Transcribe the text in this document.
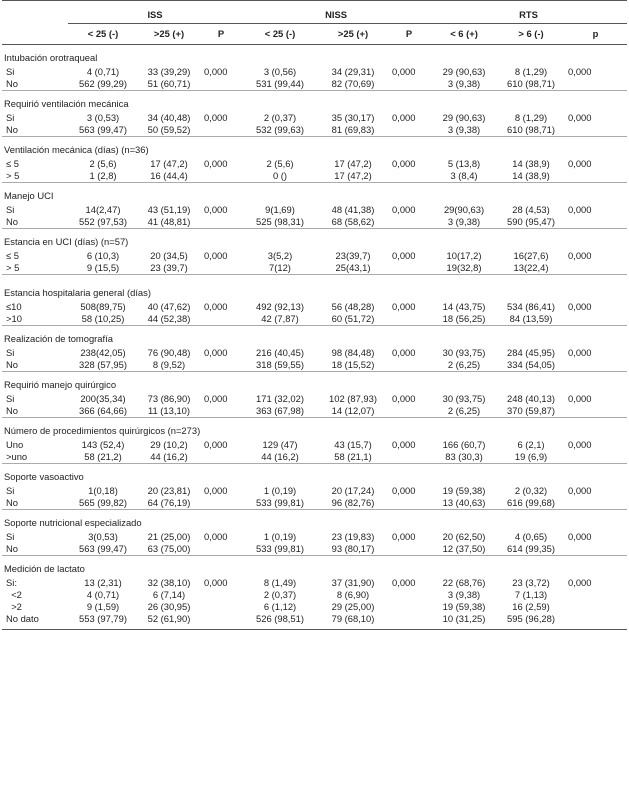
	ISS			NISS			RTS		
	< 25 (-)	>25 (+)	P	< 25 (-)	>25 (+)	P	< 6 (+)	> 6 (-)	p
Intubación orotraqueal									
Si	4 (0,71)	33 (39,29)	0,000	3 (0,56)	34 (29,31)	0,000	29 (90,63)	8 (1,29)	0,000
No	562 (99,29)	51 (60,71)		531 (99,44)	82 (70,69)		3 (9,38)	610 (98,71)	
Requirió ventilación mecánica									
Si	3 (0,53)	34 (40,48)	0,000	2 (0,37)	35 (30,17)	0,000	29 (90,63)	8 (1,29)	0,000
No	563 (99,47)	50 (59,52)		532 (99,63)	81 (69,83)		3 (9,38)	610 (98,71)	
Ventilación mecánica (días) (n=36)									
≤ 5	2 (5,6)	17 (47,2)	0,000	2 (5,6)	17 (47,2)	0,000	5 (13,8)	14 (38,9)	0,000
> 5	1 (2,8)	16 (44,4)		0 ()	17 (47,2)		3 (8,4)	14 (38,9)	
Manejo UCI									
Si	14(2,47)	43 (51,19)	0,000	9(1,69)	48 (41,38)	0,000	29(90,63)	28 (4,53)	0,000
No	552 (97,53)	41 (48,81)		525 (98,31)	68 (58,62)		3 (9,38)	590 (95,47)	
Estancia en UCI (días) (n=57)									
≤ 5	6 (10,3)	20 (34,5)	0,000	3(5,2)	23(39,7)	0,000	10(17,2)	16(27,6)	0,000
> 5	9 (15,5)	23 (39,7)		7(12)	25(43,1)		19(32,8)	13(22,4)	
Estancia hospitalaria general (días)									
≤10	508(89,75)	40 (47,62)	0,000	492 (92,13)	56 (48,28)	0,000	14 (43,75)	534 (86,41)	0,000
>10	58 (10,25)	44 (52,38)		42 (7,87)	60 (51,72)		18 (56,25)	84 (13,59)	
Realización de tomografía									
Si	238(42,05)	76 (90,48)	0,000	216 (40,45)	98 (84,48)	0,000	30 (93,75)	284 (45,95)	0,000
No	328 (57,95)	8 (9,52)		318 (59,55)	18 (15,52)		2 (6,25)	334 (54,05)	
Requirió manejo quirúrgico									
Si	200(35,34)	73 (86,90)	0,000	171 (32,02)	102 (87,93)	0,000	30 (93,75)	248 (40,13)	0,000
No	366 (64,66)	11 (13,10)		363 (67,98)	14 (12,07)		2 (6,25)	370 (59,87)	
Número de procedimientos quirúrgicos (n=273)									
Uno	143 (52,4)	29 (10,2)	0,000	129 (47)	43 (15,7)	0,000	166 (60,7)	6 (2,1)	0,000
>uno	58 (21,2)	44 (16,2)		44 (16,2)	58 (21,1)		83 (30,3)	19 (6,9)	
Soporte vasoactivo									
Si	1(0,18)	20 (23,81)	0,000	1 (0,19)	20 (17,24)	0,000	19 (59,38)	2 (0,32)	0,000
No	565 (99,82)	64 (76,19)		533 (99,81)	96 (82,76)		13 (40,63)	616 (99,68)	
Soporte nutricional especializado									
Si	3(0,53)	21 (25,00)	0,000	1 (0,19)	23 (19,83)	0,000	20 (62,50)	4 (0,65)	0,000
No	563 (99,47)	63 (75,00)		533 (99,81)	93 (80,17)		12 (37,50)	614 (99,35)	
Medición de lactato									
Si:	13 (2,31)	32 (38,10)	0,000	8 (1,49)	37 (31,90)	0,000	22 (68,76)	23 (3,72)	0,000
<2	4 (0,71)	6 (7,14)		2 (0,37)	8 (6,90)		3 (9,38)	7 (1,13)	
>2	9 (1,59)	26 (30,95)		6 (1,12)	29 (25,00)		19 (59,38)	16 (2,59)	
No dato	553 (97,79)	52 (61,90)		526 (98,51)	79 (68,10)		10 (31,25)	595 (96,28)	
